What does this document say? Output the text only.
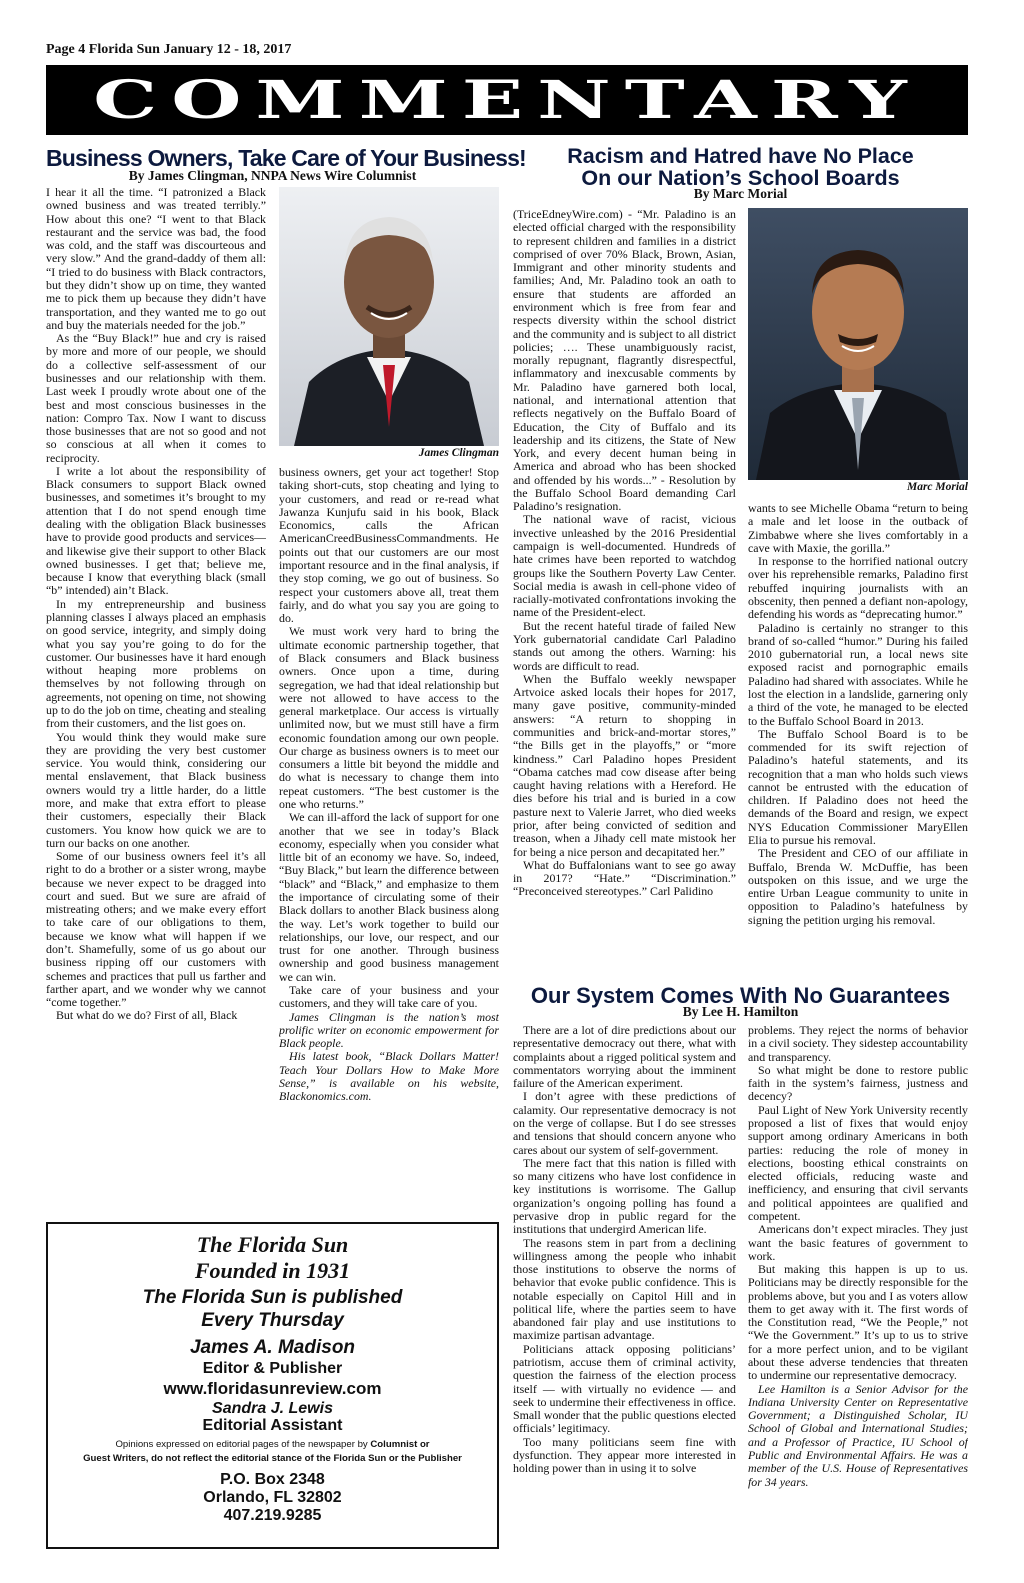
Page 4 Florida Sun January 12 - 18, 2017
COMMENTARY
Business Owners, Take Care of Your Business!
By James Clingman, NNPA News Wire Columnist

I hear it all the time. “I patronized a Black owned business and was treated terribly.” How about this one? “I went to that Black restaurant and the service was bad, the food was cold, and the staff was discourteous and very slow.” And the grand-daddy of them all: “I tried to do business with Black contractors, but they didn’t show up on time, they wanted me to pick them up because they didn’t have transportation, and they wanted me to go out and buy the materials needed for the job.”

As the “Buy Black!” hue and cry is raised by more and more of our people, we should do a collective self-assessment of our businesses and our relationship with them. Last week I proudly wrote about one of the best and most conscious businesses in the nation: Compro Tax. Now I want to discuss those businesses that are not so good and not so conscious at all when it comes to reciprocity.

I write a lot about the responsibility of Black consumers to support Black owned businesses, and sometimes it’s brought to my attention that I do not spend enough time dealing with the obligation Black businesses have to provide good products and services—and likewise give their support to other Black owned businesses. I get that; believe me, because I know that everything black (small “b” intended) ain’t Black.

In my entrepreneurship and business planning classes I always placed an emphasis on good service, integrity, and simply doing what you say you’re going to do for the customer. Our businesses have it hard enough without heaping more problems on themselves by not following through on agreements, not opening on time, not showing up to do the job on time, cheating and stealing from their customers, and the list goes on.

You would think they would make sure they are providing the very best customer service. You would think, considering our mental enslavement, that Black business owners would try a little harder, do a little more, and make that extra effort to please their customers, especially their Black customers. You know how quick we are to turn our backs on one another.

Some of our business owners feel it’s all right to do a brother or a sister wrong, maybe because we never expect to be dragged into court and sued. But we sure are afraid of mistreating others; and we make every effort to take care of our obligations to them, because we know what will happen if we don’t. Shamefully, some of us go about our business ripping off our customers with schemes and practices that pull us farther and farther apart, and we wonder why we cannot “come together.”

But what do we do? First of all, Black

James Clingman

business owners, get your act together! Stop taking short-cuts, stop cheating and lying to your customers, and read or re-read what Jawanza Kunjufu said in his book, Black Economics, calls the African AmericanCreedBusinessCommandments. He points out that our customers are our most important resource and in the final analysis, if they stop coming, we go out of business. So respect your customers above all, treat them fairly, and do what you say you are going to do.

We must work very hard to bring the ultimate economic partnership together, that of Black consumers and Black business owners. Once upon a time, during segregation, we had that ideal relationship but were not allowed to have access to the general marketplace. Our access is virtually unlimited now, but we must still have a firm economic foundation among our own people. Our charge as business owners is to meet our consumers a little bit beyond the middle and do what is necessary to change them into repeat customers. “The best customer is the one who returns.”

We can ill-afford the lack of support for one another that we see in today’s Black economy, especially when you consider what little bit of an economy we have. So, indeed, “Buy Black,” but learn the difference between “black” and “Black,” and emphasize to them the importance of circulating some of their Black dollars to another Black business along the way. Let’s work together to build our relationships, our love, our respect, and our trust for one another. Through business ownership and good business management we can win.

Take care of your business and your customers, and they will take care of you.

James Clingman is the nation’s most prolific writer on economic empowerment for Black people.

His latest book, “Black Dollars Matter! Teach Your Dollars How to Make More Sense,” is available on his website, Blackonomics.com.

The Florida Sun
Founded in 1931
The Florida Sun is published
Every Thursday
James A. Madison
Editor & Publisher
www.floridasunreview.com
Sandra J. Lewis
Editorial Assistant
Opinions expressed on editorial pages of the newspaper by Columnist or
Guest Writers, do not reflect the editorial stance of the Florida Sun or the Publisher
P.O. Box 2348
Orlando, FL 32802
407.219.9285
Racism and Hatred have No Place
On our Nation’s School Boards
By Marc Morial

(TriceEdneyWire.com) - “Mr. Paladino is an elected official charged with the responsibility to represent children and families in a district comprised of over 70% Black, Brown, Asian, Immigrant and other minority students and families; And, Mr. Paladino took an oath to ensure that students are afforded an environment which is free from fear and respects diversity within the school district and the community and is subject to all district policies; …. These unambiguously racist, morally repugnant, flagrantly disrespectful, inflammatory and inexcusable comments by Mr. Paladino have garnered both local, national, and international attention that reflects negatively on the Buffalo Board of Education, the City of Buffalo and its leadership and its citizens, the State of New York, and every decent human being in America and abroad who has been shocked and offended by his words...” - Resolution by the Buffalo School Board demanding Carl Paladino’s resignation.

The national wave of racist, vicious invective unleashed by the 2016 Presidential campaign is well-documented. Hundreds of hate crimes have been reported to watchdog groups like the Southern Poverty Law Center. Social media is awash in cell-phone video of racially-motivated confrontations invoking the name of the President-elect.

But the recent hateful tirade of failed New York gubernatorial candidate Carl Paladino stands out among the others. Warning: his words are difficult to read.

When the Buffalo weekly newspaper Artvoice asked locals their hopes for 2017, many gave positive, community-minded answers: “A return to shopping in communities and brick-and-mortar stores,” “the Bills get in the playoffs,” or “more kindness.” Carl Paladino hopes President “Obama catches mad cow disease after being caught having relations with a Hereford. He dies before his trial and is buried in a cow pasture next to Valerie Jarret, who died weeks prior, after being convicted of sedition and treason, when a Jihady cell mate mistook her for being a nice person and decapitated her.”

What do Buffalonians want to see go away in 2017? “Hate.” “Discrimination.” “Preconceived stereotypes.” Carl Palidino

Marc Morial

wants to see Michelle Obama “return to being a male and let loose in the outback of Zimbabwe where she lives comfortably in a cave with Maxie, the gorilla.”

In response to the horrified national outcry over his reprehensible remarks, Paladino first rebuffed inquiring journalists with an obscenity, then penned a defiant non-apology, defending his words as “deprecating humor.”

Paladino is certainly no stranger to this brand of so-called “humor.” During his failed 2010 gubernatorial run, a local news site exposed racist and pornographic emails Paladino had shared with associates. While he lost the election in a landslide, garnering only a third of the vote, he managed to be elected to the Buffalo School Board in 2013.

The Buffalo School Board is to be commended for its swift rejection of Paladino’s hateful statements, and its recognition that a man who holds such views cannot be entrusted with the education of children. If Paladino does not heed the demands of the Board and resign, we expect NYS Education Commissioner MaryEllen Elia to pursue his removal.

The President and CEO of our affiliate in Buffalo, Brenda W. McDuffie, has been outspoken on this issue, and we urge the entire Urban League community to unite in opposition to Paladino’s hatefulness by signing the petition urging his removal.

Our System Comes With No Guarantees
By Lee H. Hamilton

There are a lot of dire predictions about our representative democracy out there, what with complaints about a rigged political system and commentators worrying about the imminent failure of the American experiment.

I don’t agree with these predictions of calamity. Our representative democracy is not on the verge of collapse. But I do see stresses and tensions that should concern anyone who cares about our system of self-government.

The mere fact that this nation is filled with so many citizens who have lost confidence in key institutions is worrisome. The Gallup organization’s ongoing polling has found a pervasive drop in public regard for the institutions that undergird American life.

The reasons stem in part from a declining willingness among the people who inhabit those institutions to observe the norms of behavior that evoke public confidence. This is notable especially on Capitol Hill and in political life, where the parties seem to have abandoned fair play and use institutions to maximize partisan advantage.

Politicians attack opposing politicians’ patriotism, accuse them of criminal activity, question the fairness of the election process itself — with virtually no evidence — and seek to undermine their effectiveness in office. Small wonder that the public questions elected officials’ legitimacy.

Too many politicians seem fine with dysfunction. They appear more interested in holding power than in using it to solve

problems. They reject the norms of behavior in a civil society. They sidestep accountability and transparency.

So what might be done to restore public faith in the system’s fairness, justness and decency?

Paul Light of New York University recently proposed a list of fixes that would enjoy support among ordinary Americans in both parties: reducing the role of money in elections, boosting ethical constraints on elected officials, reducing waste and inefficiency, and ensuring that civil servants and political appointees are qualified and competent.

Americans don’t expect miracles. They just want the basic features of government to work.

But making this happen is up to us. Politicians may be directly responsible for the problems above, but you and I as voters allow them to get away with it. The first words of the Constitution read, “We the People,” not “We the Government.” It’s up to us to strive for a more perfect union, and to be vigilant about these adverse tendencies that threaten to undermine our representative democracy.

Lee Hamilton is a Senior Advisor for the Indiana University Center on Representative Government; a Distinguished Scholar, IU School of Global and International Studies; and a Professor of Practice, IU School of Public and Environmental Affairs. He was a member of the U.S. House of Representatives for 34 years.
